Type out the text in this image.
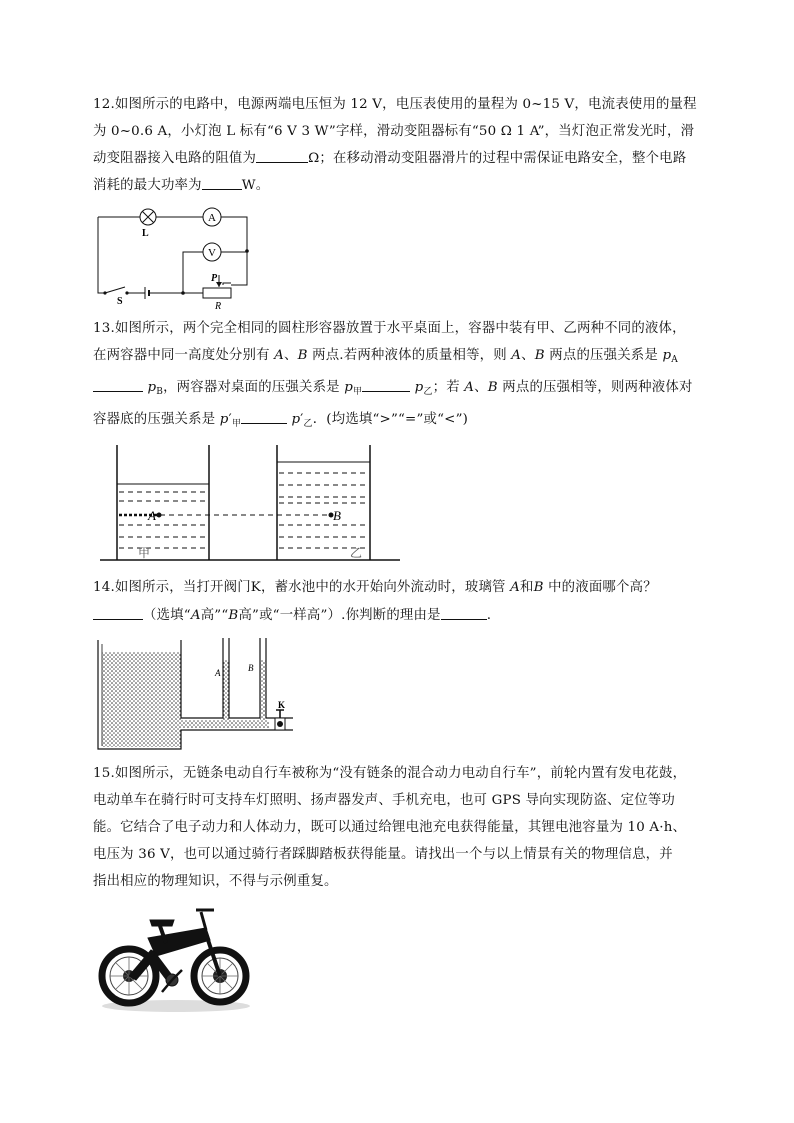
12.如图所示的电路中，电源两端电压恒为 12 V，电压表使用的量程为 0~15 V，电流表使用的量程
为 0~0.6 A，小灯泡 L 标有“6 V 3 W”字样，滑动变阻器标有“50 Ω 1 A”，当灯泡正常发光时，滑
动变阻器接入电路的阻值为	Ω；在移动滑动变阻器滑片的过程中需保证电路安全，整个电路
消耗的最大功率为	W。
A
V
L
S
P
R
13.如图所示，两个完全相同的圆柱形容器放置于水平桌面上，容器中装有甲、乙两种不同的液体，
在两容器中同一高度处分别有 A、B 两点.若两种液体的质量相等，则 A、B 两点的压强关系是 $p_A$
$p_B$，两容器对桌面的压强关系是 $p_甲$	$p_乙$；若 A、B 两点的压强相等，则两种液体对
容器底的压强关系是 $p'_甲$	$p'_乙$．(均选填“>”“=”或“<”)
A	B
甲	乙
14.如图所示，当打开阀门K，蓄水池中的水开始向外流动时，玻璃管 A和B 中的液面哪个高？
（选填“A高”“B高”或“一样高”）.你判断的理由是	.
A	B
K
15.如图所示，无链条电动自行车被称为“没有链条的混合动力电动自行车”，前轮内置有发电花鼓，
电动单车在骑行时可支持车灯照明、扬声器发声、手机充电，也可 GPS 导向实现防盗、定位等功
能。它结合了电子动力和人体动力，既可以通过给锂电池充电获得能量，其锂电池容量为 10 A·h、
电压为 36 V，也可以通过骑行者踩脚踏板获得能量。请找出一个与以上情景有关的物理信息，并
指出相应的物理知识，不得与示例重复。
